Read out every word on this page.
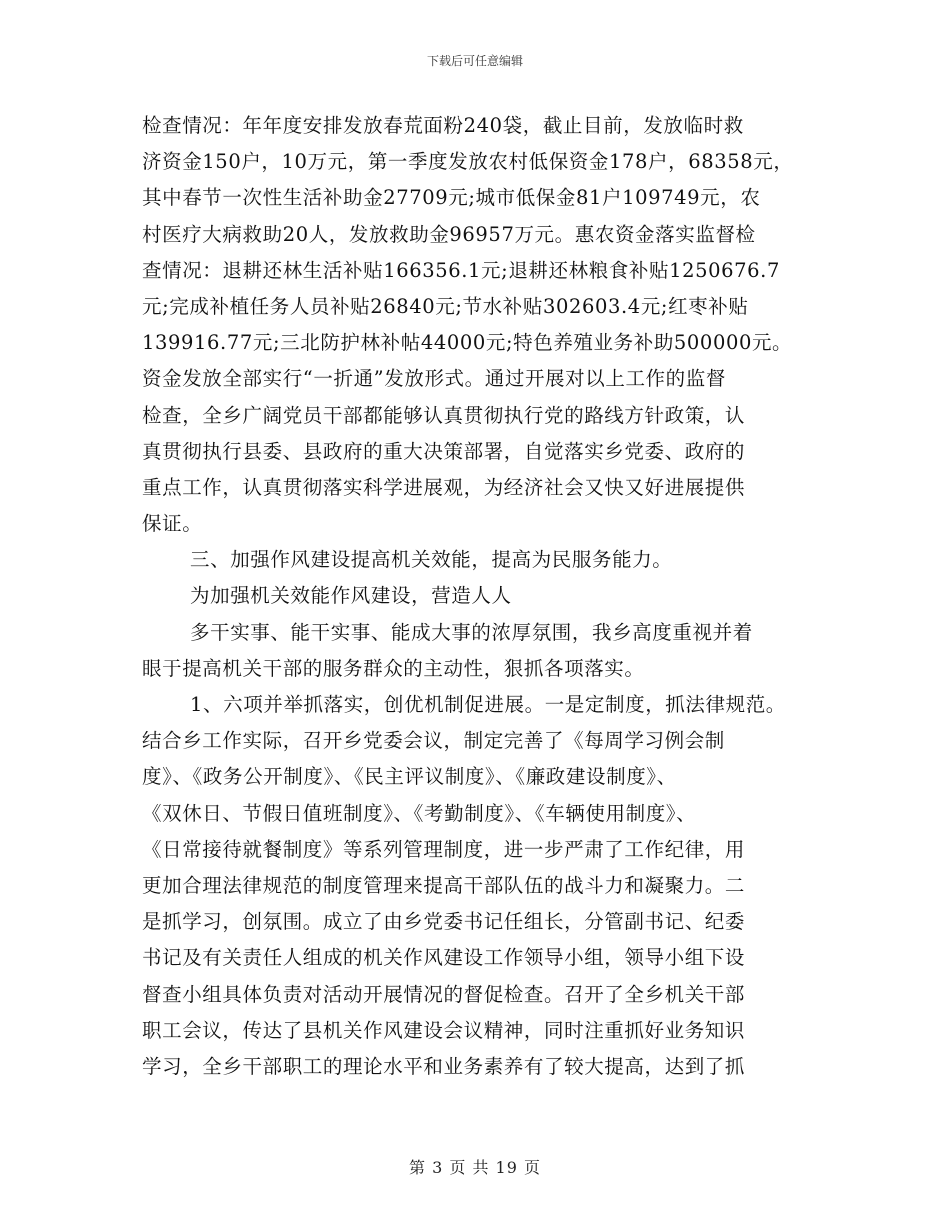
下载后可任意编辑
检查情况：年年度安排发放春荒面粉240袋，截止目前，发放临时救
济资金150户，10万元，第一季度发放农村低保资金178户，68358元，
其中春节一次性生活补助金27709元;城市低保金81户109749元，农
村医疗大病救助20人，发放救助金96957万元。惠农资金落实监督检
查情况：退耕还林生活补贴166356.1元;退耕还林粮食补贴1250676.7
元;完成补植任务人员补贴26840元;节水补贴302603.4元;红枣补贴
139916.77元;三北防护林补帖44000元;特色养殖业务补助500000元。
资金发放全部实行“一折通”发放形式。通过开展对以上工作的监督
检查，全乡广阔党员干部都能够认真贯彻执行党的路线方针政策，认
真贯彻执行县委、县政府的重大决策部署，自觉落实乡党委、政府的
重点工作，认真贯彻落实科学进展观，为经济社会又快又好进展提供
保证。
三、加强作风建设提高机关效能，提高为民服务能力。
为加强机关效能作风建设，营造人人
多干实事、能干实事、能成大事的浓厚氛围，我乡高度重视并着
眼于提高机关干部的服务群众的主动性，狠抓各项落实。
1、六项并举抓落实，创优机制促进展。一是定制度，抓法律规范。
结合乡工作实际，召开乡党委会议，制定完善了《每周学习例会制
度》、《政务公开制度》、《民主评议制度》、《廉政建设制度》、
《双休日、节假日值班制度》、《考勤制度》、《车辆使用制度》、
《日常接待就餐制度》等系列管理制度，进一步严肃了工作纪律，用
更加合理法律规范的制度管理来提高干部队伍的战斗力和凝聚力。二
是抓学习，创氛围。成立了由乡党委书记任组长，分管副书记、纪委
书记及有关责任人组成的机关作风建设工作领导小组，领导小组下设
督查小组具体负责对活动开展情况的督促检查。召开了全乡机关干部
职工会议，传达了县机关作风建设会议精神，同时注重抓好业务知识
学习，全乡干部职工的理论水平和业务素养有了较大提高，达到了抓
第 3 页 共 19 页
